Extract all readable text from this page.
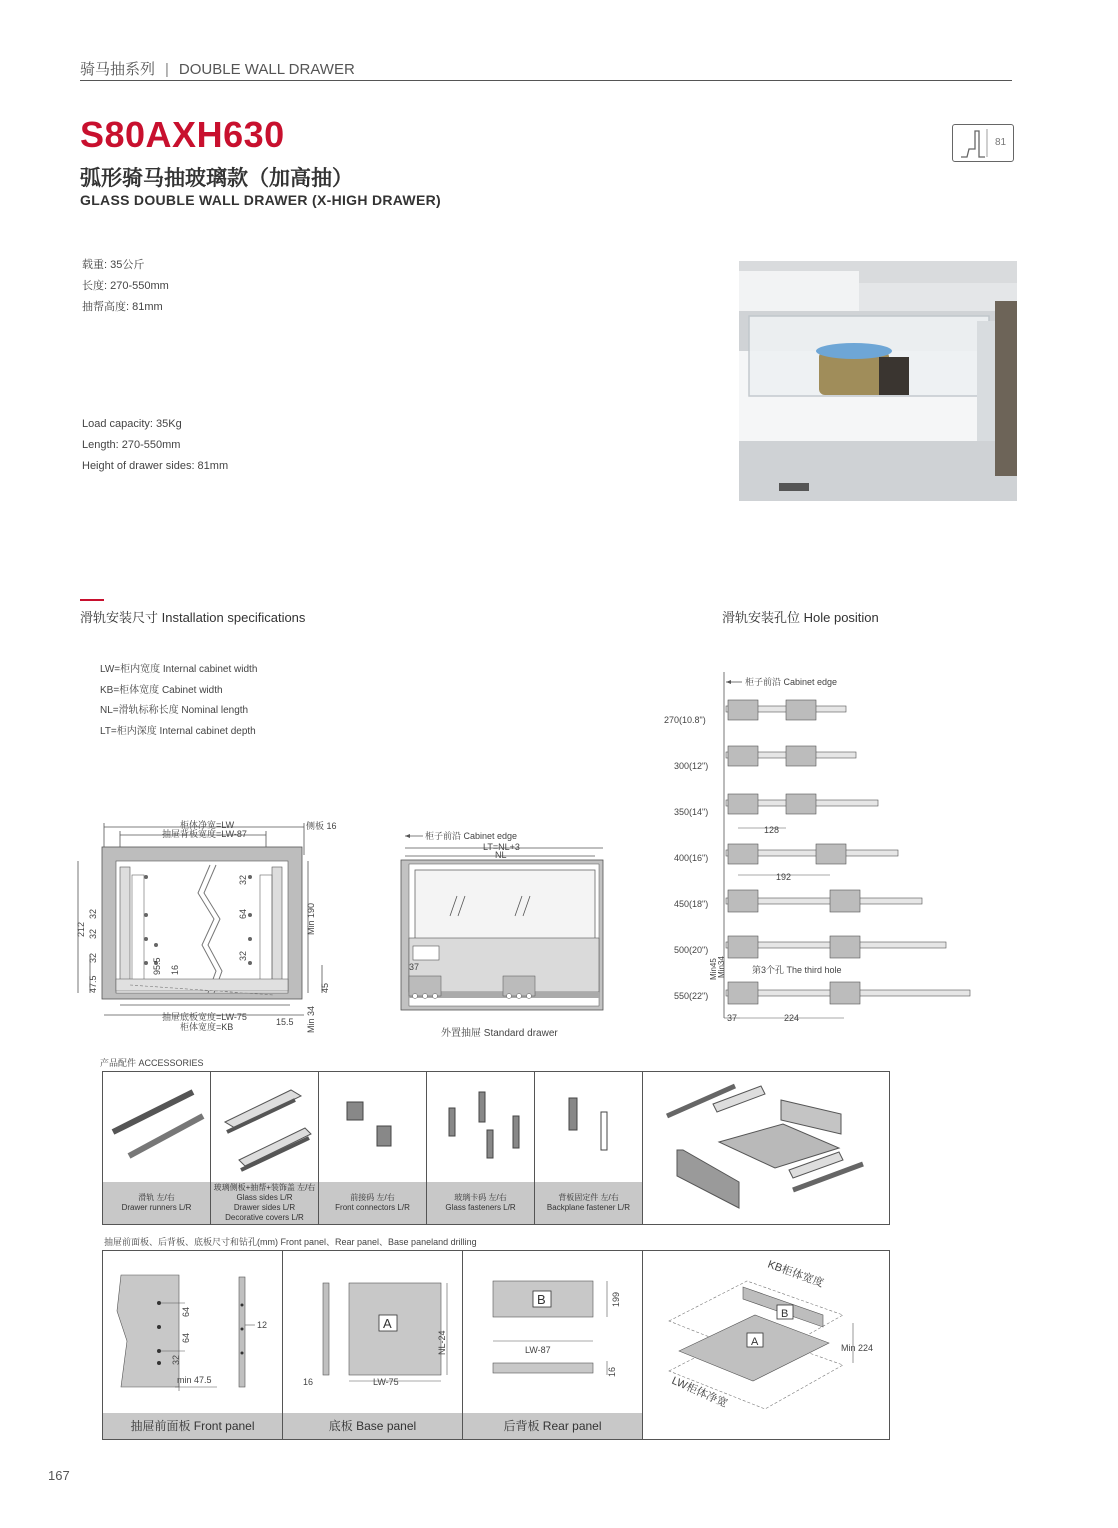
骑马抽系列 | DOUBLE WALL DRAWER
S80AXH630
弧形骑马抽玻璃款（加高抽）
GLASS DOUBLE WALL DRAWER (X-HIGH DRAWER)
81
载重: 35公斤
长度: 270-550mm
抽帮高度: 81mm
Load capacity: 35Kg
Length: 270-550mm
Height of drawer sides: 81mm
滑轨安装尺寸 Installation specifications	滑轨安装孔位 Hole position
LW=柜内宽度 Internal cabinet width
KB=柜体宽度 Cabinet width
NL=滑轨标称长度 Nominal length
LT=柜内深度 Internal cabinet depth
柜体净宽=LW
抽屉背板宽度=LW-87
侧板 16
抽屉底板宽度=LW-75
柜体宽度=KB
212
47.5
32
32
32
95.5 16
32
64
32
Min 190
45
15.5 Min 34
柜子前沿 Cabinet edge
LT=NL+3
NL
37
外置抽屉 Standard drawer
柜子前沿 Cabinet edge
270(10.8")
300(12")
350(14")
400(16")
450(18")
500(20")
550(22")
128
192
37	224
Min45 Min34	第3个孔 The third hole
产品配件 ACCESSORIES
滑轨 左/右
Drawer runners L/R
玻璃侧板+抽帮+装饰盖 左/右
Glass sides L/R
Drawer sides L/R
Decorative covers L/R
前接码 左/右
Front connectors L/R
玻璃卡码 左/右
Glass fasteners L/R
背板固定件 左/右
Backplane fastener L/R
抽屉前面板、后背板、底板尺寸和钻孔(mm) Front panel、Rear panel、Base paneland drilling
64
64
32
12
min 47.5
抽屉前面板 Front panel
A
NL-24
16	LW-75
底板 Base panel
B
LW-87
199
16
后背板 Rear panel
A
B
KB柜体宽度
LW柜体净宽
Min 224
167
